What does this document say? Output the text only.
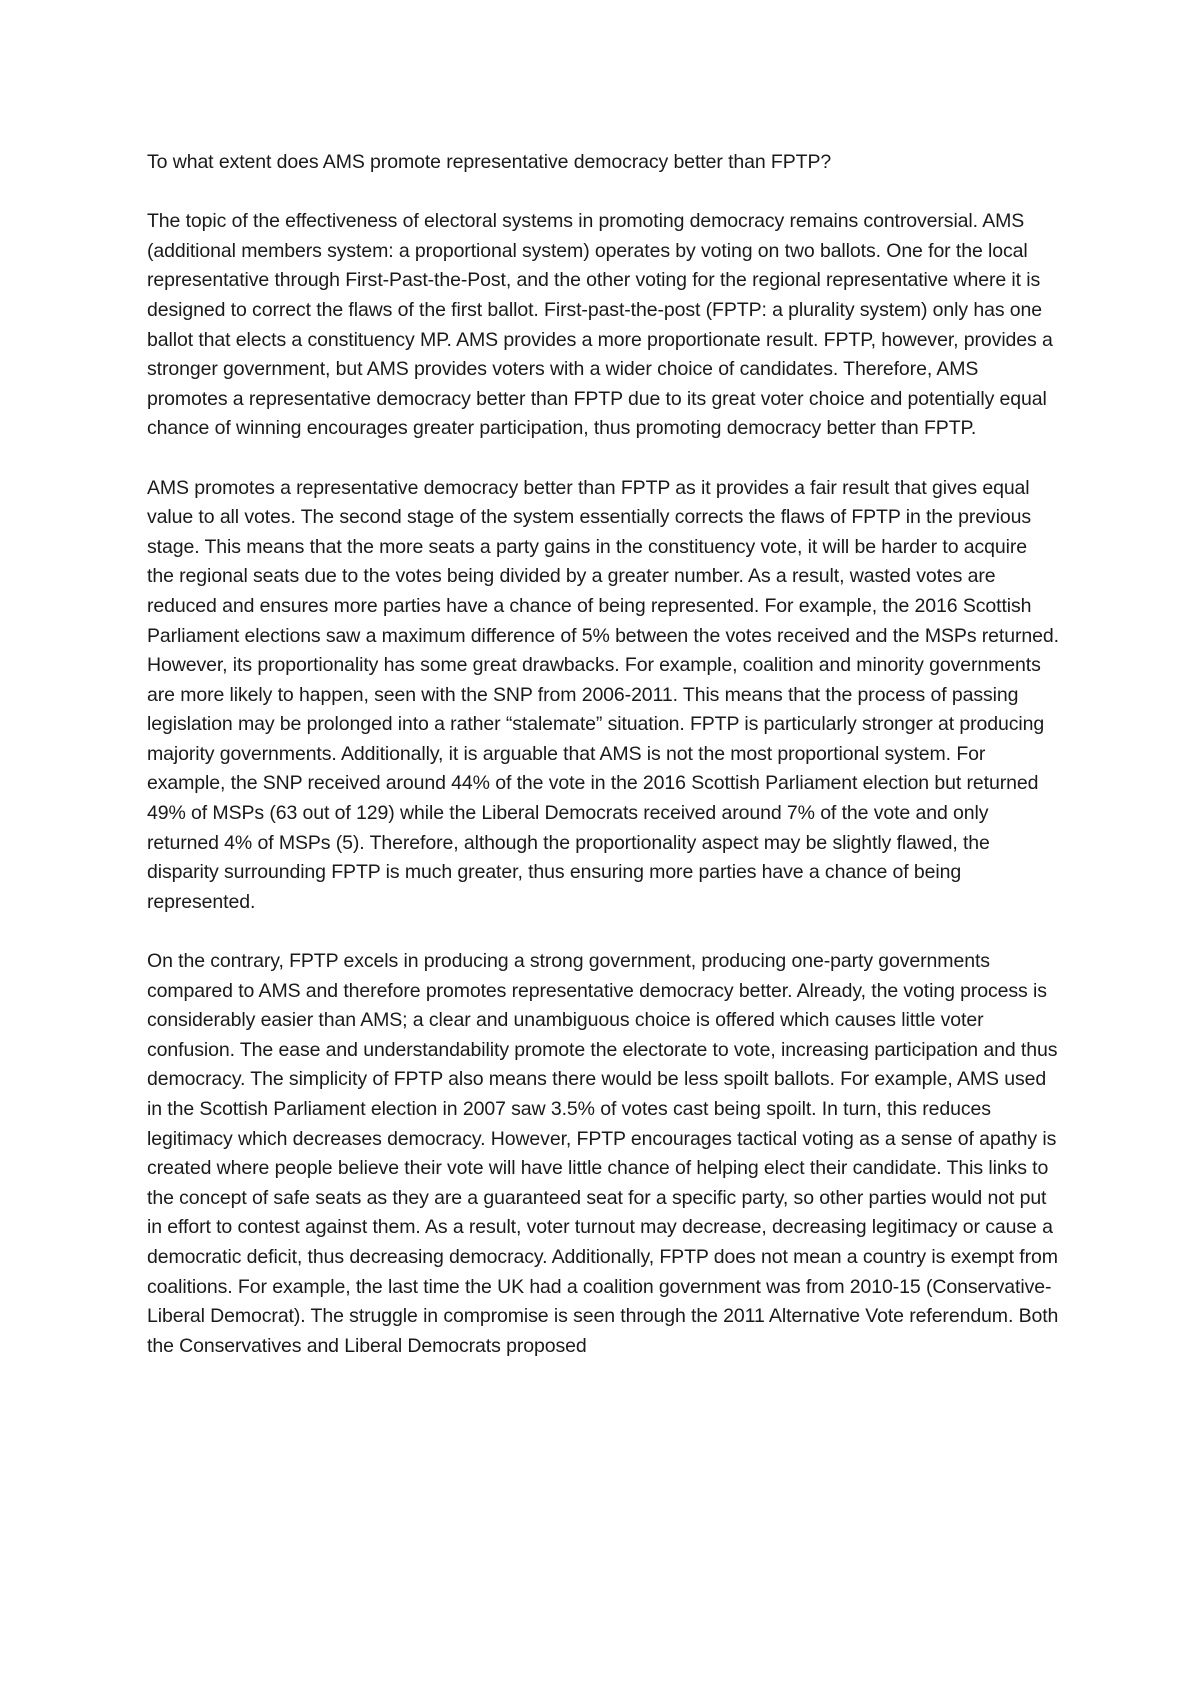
To what extent does AMS promote representative democracy better than FPTP?

The topic of the effectiveness of electoral systems in promoting democracy remains controversial. AMS (additional members system: a proportional system) operates by voting on two ballots. One for the local representative through First-Past-the-Post, and the other voting for the regional representative where it is designed to correct the flaws of the first ballot. First-past-the-post (FPTP: a plurality system) only has one ballot that elects a constituency MP. AMS provides a more proportionate result. FPTP, however, provides a stronger government, but AMS provides voters with a wider choice of candidates. Therefore, AMS promotes a representative democracy better than FPTP due to its great voter choice and potentially equal chance of winning encourages greater participation, thus promoting democracy better than FPTP.

AMS promotes a representative democracy better than FPTP as it provides a fair result that gives equal value to all votes. The second stage of the system essentially corrects the flaws of FPTP in the previous stage. This means that the more seats a party gains in the constituency vote, it will be harder to acquire the regional seats due to the votes being divided by a greater number. As a result, wasted votes are reduced and ensures more parties have a chance of being represented. For example, the 2016 Scottish Parliament elections saw a maximum difference of 5% between the votes received and the MSPs returned. However, its proportionality has some great drawbacks. For example, coalition and minority governments are more likely to happen, seen with the SNP from 2006-2011. This means that the process of passing legislation may be prolonged into a rather “stalemate” situation. FPTP is particularly stronger at producing majority governments. Additionally, it is arguable that AMS is not the most proportional system. For example, the SNP received around 44% of the vote in the 2016 Scottish Parliament election but returned 49% of MSPs (63 out of 129) while the Liberal Democrats received around 7% of the vote and only returned 4% of MSPs (5). Therefore, although the proportionality aspect may be slightly flawed, the disparity surrounding FPTP is much greater, thus ensuring more parties have a chance of being represented.

On the contrary, FPTP excels in producing a strong government, producing one-party governments compared to AMS and therefore promotes representative democracy better. Already, the voting process is considerably easier than AMS; a clear and unambiguous choice is offered which causes little voter confusion. The ease and understandability promote the electorate to vote, increasing participation and thus democracy. The simplicity of FPTP also means there would be less spoilt ballots. For example, AMS used in the Scottish Parliament election in 2007 saw 3.5% of votes cast being spoilt. In turn, this reduces legitimacy which decreases democracy. However, FPTP encourages tactical voting as a sense of apathy is created where people believe their vote will have little chance of helping elect their candidate. This links to the concept of safe seats as they are a guaranteed seat for a specific party, so other parties would not put in effort to contest against them. As a result, voter turnout may decrease, decreasing legitimacy or cause a democratic deficit, thus decreasing democracy. Additionally, FPTP does not mean a country is exempt from coalitions. For example, the last time the UK had a coalition government was from 2010-15 (Conservative-Liberal Democrat). The struggle in compromise is seen through the 2011 Alternative Vote referendum. Both the Conservatives and Liberal Democrats proposed
